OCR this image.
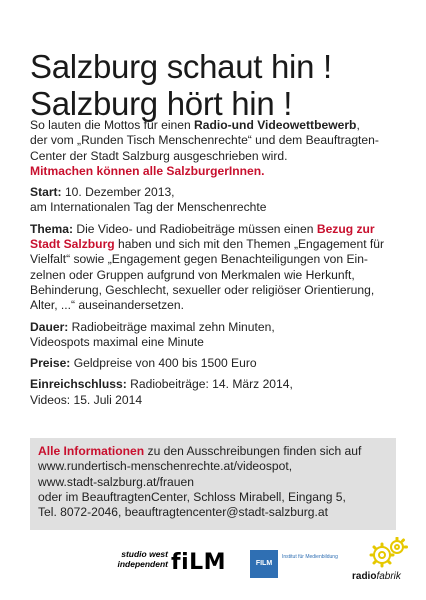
Salzburg schaut hin !
Salzburg hört hin !

So lauten die Mottos für einen Radio-und Videowettbewerb,
der vom „Runden Tisch Menschenrechte“ und dem Beauftragten-
Center der Stadt Salzburg ausgeschrieben wird.
Mitmachen können alle SalzburgerInnen.

Start: 10. Dezember 2013,
am Internationalen Tag der Menschenrechte

Thema: Die Video- und Radiobeiträge müssen einen Bezug zur
Stadt Salzburg haben und sich mit den Themen „Engagement für
Vielfalt“ sowie „Engagement gegen Benachteiligungen von Ein-
zelnen oder Gruppen aufgrund von Merkmalen wie Herkunft,
Behinderung, Geschlecht, sexueller oder religiöser Orientierung,
Alter, ...“ auseinandersetzen.

Dauer: Radiobeiträge maximal zehn Minuten,
Videospots maximal eine Minute

Preise: Geldpreise von 400 bis 1500 Euro

Einreichschluss: Radiobeiträge: 14. März 2014,
Videos: 15. Juli 2014

Alle Informationen zu den Ausschreibungen finden sich auf
www.rundertisch-menschenrechte.at/videospot,
www.stadt-salzburg.at/frauen
oder im BeauftragtenCenter, Schloss Mirabell, Eingang 5,
Tel. 8072-2046, beauftragtencenter@stadt-salzburg.at
studio west
independent fiLM	FILM
Institut für Medienbildung
radiofabrik
